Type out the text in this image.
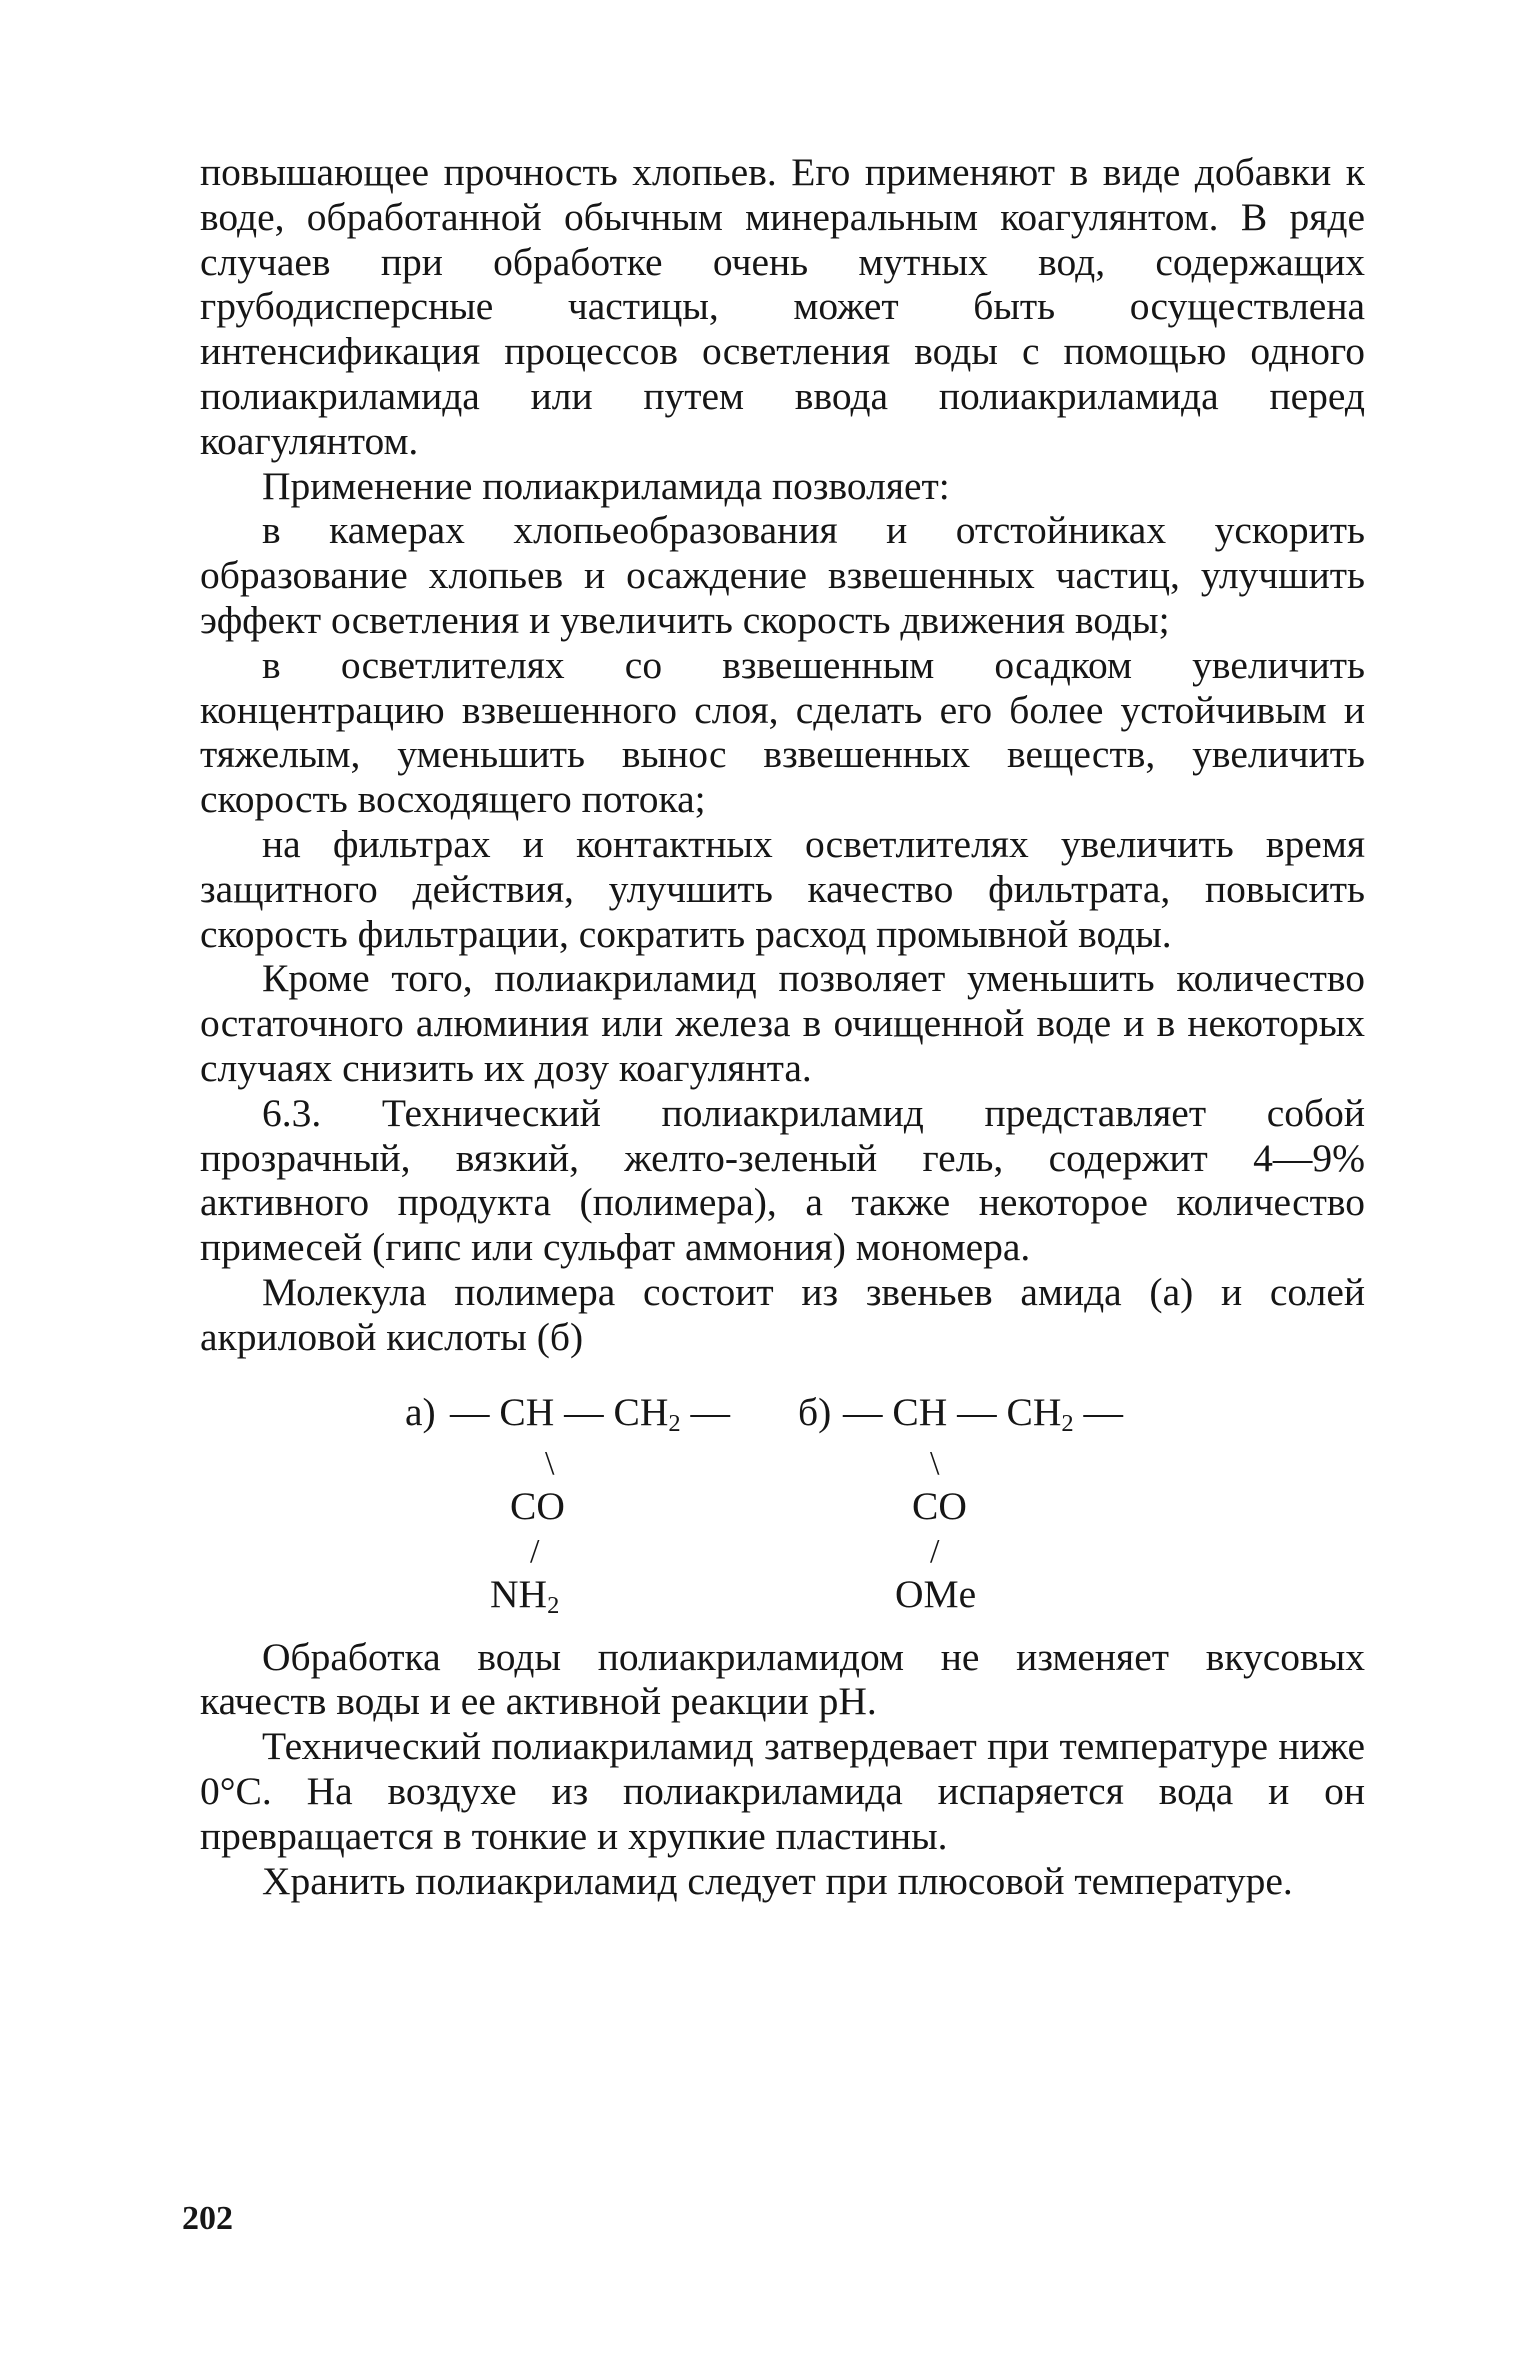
повышающее прочность хлопьев. Его применяют в виде добавки к воде, обработанной обычным минеральным коагулянтом. В ряде случаев при обработке очень мутных вод, содержащих грубодисперсные частицы, может быть осуществлена интенсификация процессов осветления воды с помощью одного полиакриламида или путем ввода полиакриламида перед коагулянтом.

Применение полиакриламида позволяет:

в камерах хлопьеобразования и отстойниках ускорить образование хлопьев и осаждение взвешенных частиц, улучшить эффект осветления и увеличить скорость движения воды;

в осветлителях со взвешенным осадком увеличить концентрацию взвешенного слоя, сделать его более устойчивым и тяжелым, уменьшить вынос взвешенных веществ, увеличить скорость восходящего потока;

на фильтрах и контактных осветлителях увеличить время защитного действия, улучшить качество фильтрата, повысить скорость фильтрации, сократить расход промывной воды.

Кроме того, полиакриламид позволяет уменьшить количество остаточного алюминия или железа в очищенной воде и в некоторых случаях снизить их дозу коагулянта.

6.3. Технический полиакриламид представляет собой прозрачный, вязкий, желто-зеленый гель, содержит 4—9% активного продукта (полимера), а также некоторое количество примесей (гипс или сульфат аммония) мономера.

Молекула полимера состоит из звеньев амида (а) и солей акриловой кислоты (б)

а) — CH — CH2 —
\
CO
/
NH2
б) — CH — CH2 —
\
CO
/
OMe

Обработка воды полиакриламидом не изменяет вкусовых качеств воды и ее активной реакции pH.

Технический полиакриламид затвердевает при температуре ниже 0°С. На воздухе из полиакриламида испаряется вода и он превращается в тонкие и хрупкие пластины.

Хранить полиакриламид следует при плюсовой температуре.

202
